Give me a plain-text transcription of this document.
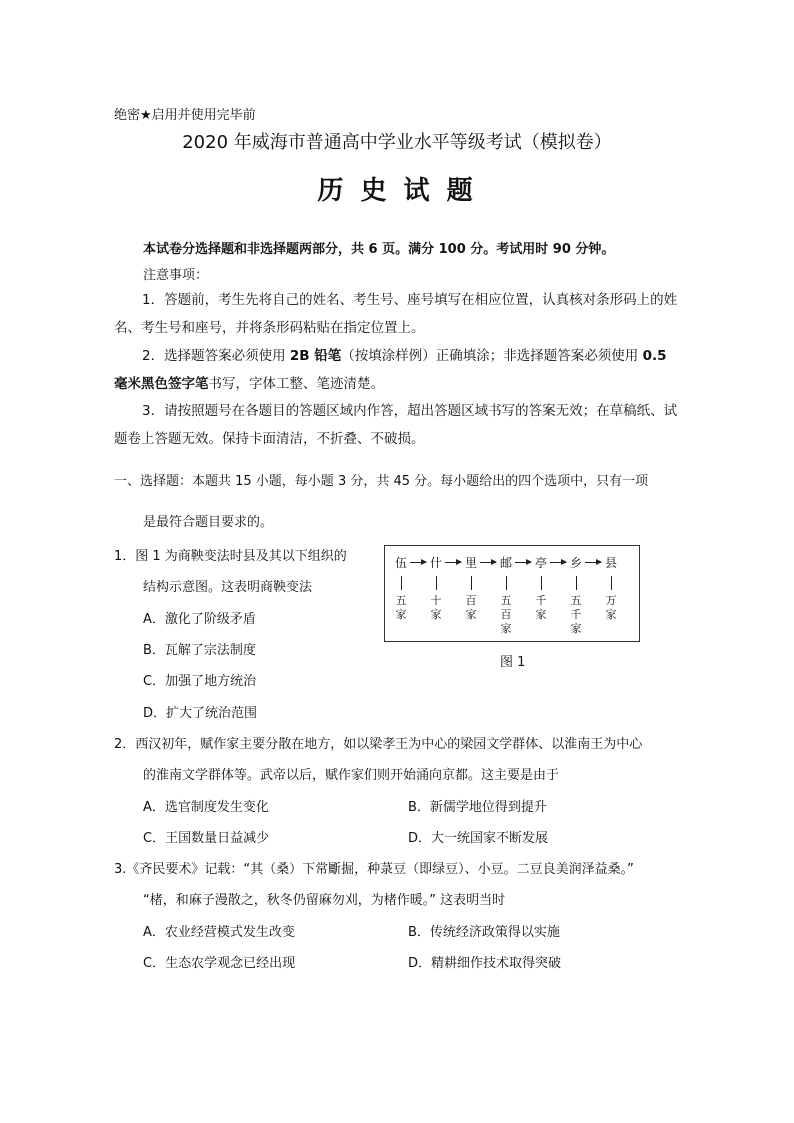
绝密★启用并使用完毕前
2020 年威海市普通高中学业水平等级考试（模拟卷）
历 史 试 题
本试卷分选择题和非选择题两部分，共 6 页。满分 100 分。考试用时 90 分钟。
注意事项：
1．答题前，考生先将自己的姓名、考生号、座号填写在相应位置，认真核对条形码上的姓名、考生号和座号，并将条形码粘贴在指定位置上。
2．选择题答案必须使用 2B 铅笔（按填涂样例）正确填涂；非选择题答案必须使用 0.5 毫米黑色签字笔书写，字体工整、笔迹清楚。
3．请按照题号在各题目的答题区域内作答，超出答题区域书写的答案无效；在草稿纸、试题卷上答题无效。保持卡面清洁，不折叠、不破损。
一、选择题：本题共 15 小题，每小题 3 分，共 45 分。每小题给出的四个选项中，只有一项
是最符合题目要求的。
1．图 1 为商鞅变法时县及其以下组织的
结构示意图。这表明商鞅变法
A．激化了阶级矛盾
B．瓦解了宗法制度
C．加强了地方统治
D．扩大了统治范围
伍 什 里 邮 亭 乡 县
五
家
十
家
百
家
五
百
家
千
家
五
千
家
万
家
图 1
2．西汉初年，赋作家主要分散在地方，如以梁孝王为中心的梁园文学群体、以淮南王为中心
的淮南文学群体等。武帝以后，赋作家们则开始涌向京都。这主要是由于
A．选官制度发生变化	B．新儒学地位得到提升
C．王国数量日益减少	D．大一统国家不断发展
3.《齐民要术》记载：“其（桑）下常斸掘，种菉豆（即绿豆）、小豆。二豆良美润泽益桑。”
“楮，和麻子漫散之，秋冬仍留麻勿刈，为楮作暖。” 这表明当时
A．农业经营模式发生改变	B．传统经济政策得以实施
C．生态农学观念已经出现	D．精耕细作技术取得突破
